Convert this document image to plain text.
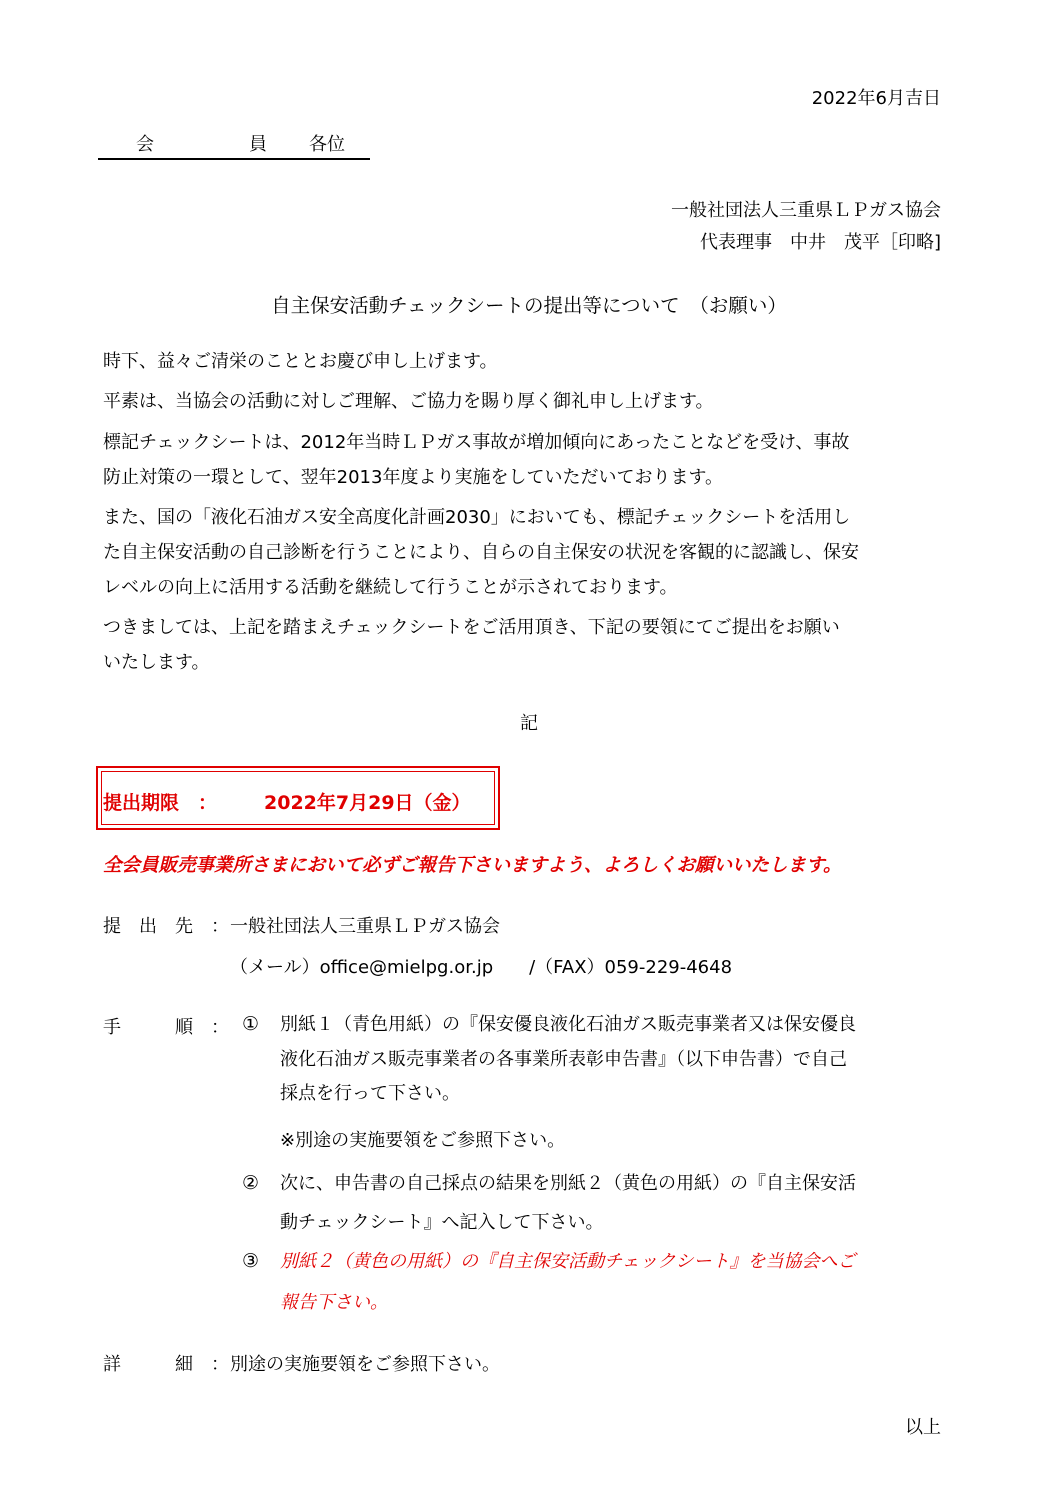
2022年6月吉日
会	員 各位
一般社団法人三重県ＬＰガス協会
代表理事　中井　茂平［印略]
自主保安活動チェックシートの提出等について　（お願い）
時下、益々ご清栄のこととお慶び申し上げます。
平素は、当協会の活動に対しご理解、ご協力を賜り厚く御礼申し上げます。
標記チェックシートは、2012年当時ＬＰガス事故が増加傾向にあったことなどを受け、事故
防止対策の一環として、翌年2013年度より実施をしていただいております。
また、国の「液化石油ガス安全高度化計画2030」においても、標記チェックシートを活用し
た自主保安活動の自己診断を行うことにより、自らの自主保安の状況を客観的に認識し、保安
レベルの向上に活用する活動を継続して行うことが示されております。
つきましては、上記を踏まえチェックシートをご活用頂き、下記の要領にてご提出をお願い
いたします。
記
提出期限　： 2022年7月29日（金）
全会員販売事業所さまにおいて必ずご報告下さいますよう、よろしくお願いいたします。
提　出　先　： 一般社団法人三重県ＬＰガス協会
（メール）office@mielpg.or.jp　　/（FAX）059-229-4648
手　　　順　： ① 別紙１（青色用紙）の『保安優良液化石油ガス販売事業者又は保安優良
液化石油ガス販売事業者の各事業所表彰申告書』（以下申告書）で自己
採点を行って下さい。
※別途の実施要領をご参照下さい。
② 次に、申告書の自己採点の結果を別紙２（黄色の用紙）の『自主保安活
動チェックシート』へ記入して下さい。
③ 別紙２（黄色の用紙）の『自主保安活動チェックシート』を当協会へご
報告下さい。
詳　　　細　： 別途の実施要領をご参照下さい。
以上
